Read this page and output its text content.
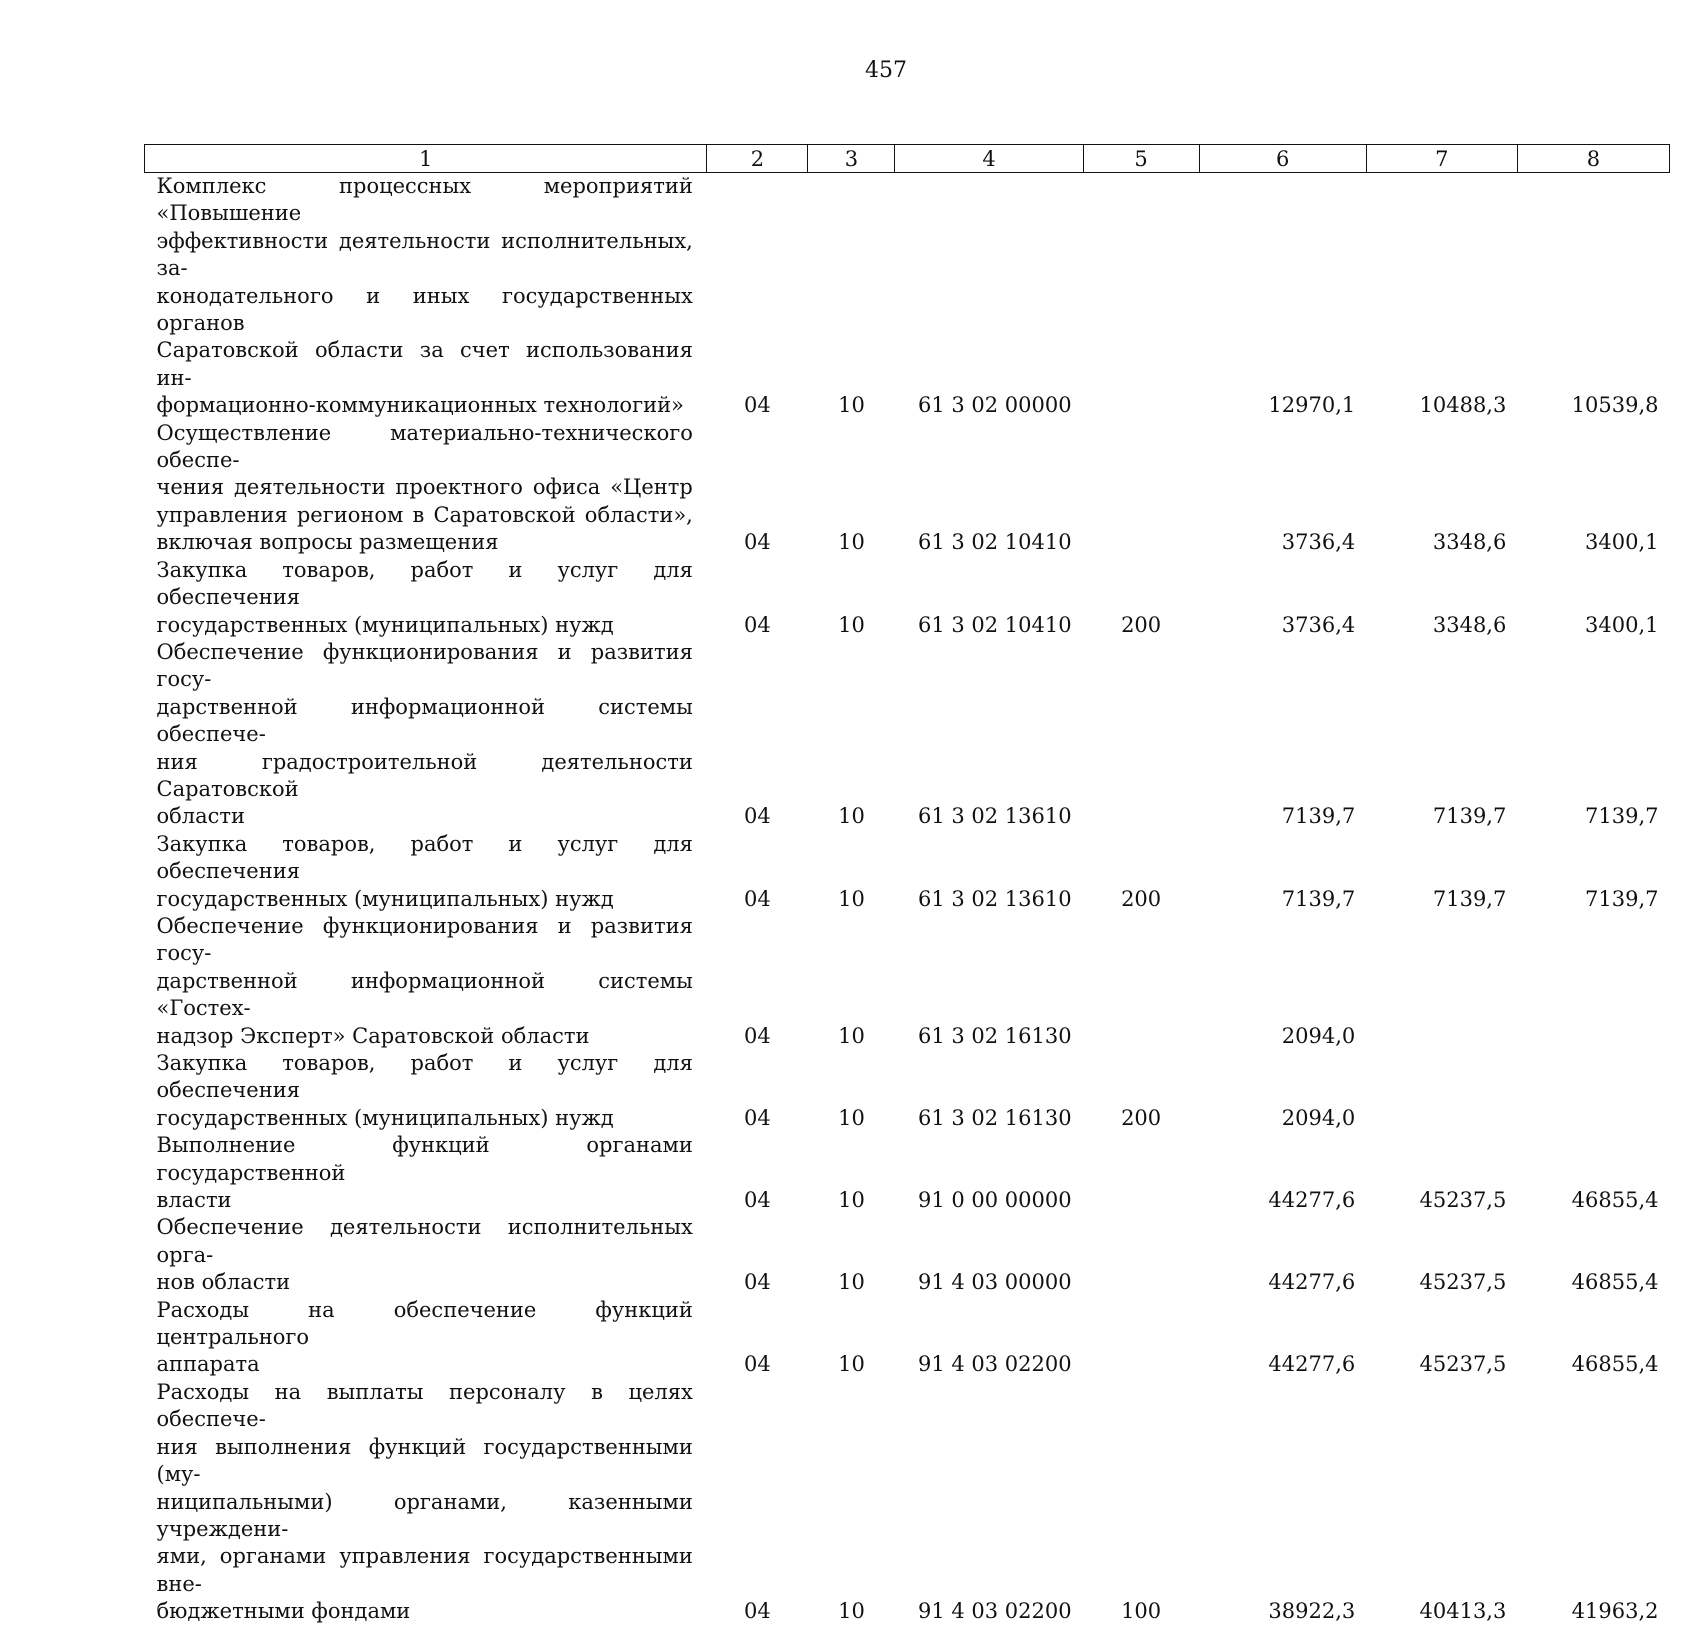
457
1	2	3	4	5	6	7	8

Комплекс процессных мероприятий «Повышение
эффективности деятельности исполнительных, за-
конодательного и иных государственных органов
Саратовской области за счет использования ин-
формационно-коммуникационных технологий»	04	10	61 3 02 00000		12970,1	10488,3	10539,8

Осуществление материально-технического обеспе-
чения деятельности проектного офиса «Центр
управления регионом в Саратовской области»,
включая вопросы размещения	04	10	61 3 02 10410		3736,4	3348,6	3400,1

Закупка товаров, работ и услуг для обеспечения
государственных (муниципальных) нужд	04	10	61 3 02 10410	200	3736,4	3348,6	3400,1

Обеспечение функционирования и развития госу-
дарственной информационной системы обеспече-
ния градостроительной деятельности Саратовской
области	04	10	61 3 02 13610		7139,7	7139,7	7139,7

Закупка товаров, работ и услуг для обеспечения
государственных (муниципальных) нужд	04	10	61 3 02 13610	200	7139,7	7139,7	7139,7

Обеспечение функционирования и развития госу-
дарственной информационной системы «Гостех-
надзор Эксперт» Саратовской области	04	10	61 3 02 16130		2094,0		

Закупка товаров, работ и услуг для обеспечения
государственных (муниципальных) нужд	04	10	61 3 02 16130	200	2094,0		

Выполнение функций органами государственной
власти	04	10	91 0 00 00000		44277,6	45237,5	46855,4

Обеспечение деятельности исполнительных орга-
нов области	04	10	91 4 03 00000		44277,6	45237,5	46855,4

Расходы на обеспечение функций центрального
аппарата	04	10	91 4 03 02200		44277,6	45237,5	46855,4

Расходы на выплаты персоналу в целях обеспече-
ния выполнения функций государственными (му-
ниципальными) органами, казенными учреждени-
ями, органами управления государственными вне-
бюджетными фондами	04	10	91 4 03 02200	100	38922,3	40413,3	41963,2
